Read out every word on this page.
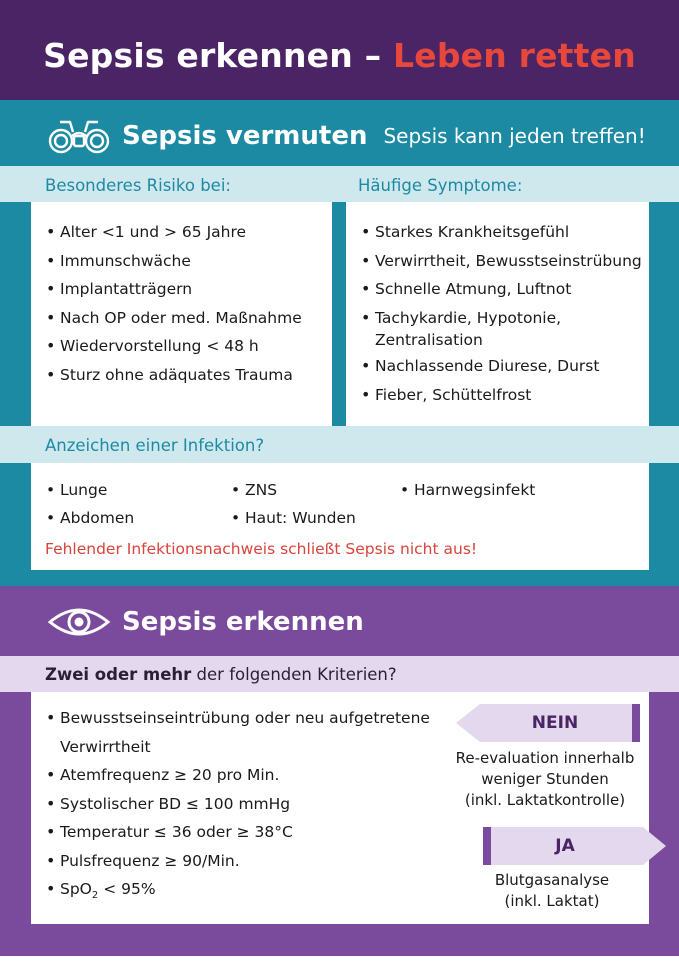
Sepsis erkennen – Leben retten
Sepsis vermuten Sepsis kann jeden treffen!
Besonderes Risiko bei:	Häufige Symptome:
• Alter <1 und > 65 Jahre
• Immunschwäche
• Implantatträgern
• Nach OP oder med. Maßnahme
• Wiedervorstellung < 48 h
• Sturz ohne adäquates Trauma
• Starkes Krankheitsgefühl
• Verwirrtheit, Bewusstseinstrübung
• Schnelle Atmung, Luftnot
• Tachykardie, Hypotonie,
Zentralisation
• Nachlassende Diurese, Durst
• Fieber, Schüttelfrost
Anzeichen einer Infektion?
• Lunge	• ZNS	• Harnwegsinfekt
• Abdomen	• Haut: Wunden
Fehlender Infektionsnachweis schließt Sepsis nicht aus!
Sepsis erkennen
Zwei oder mehr der folgenden Kriterien?
• Bewusstseinseintrübung oder neu aufgetretene
Verwirrtheit
• Atemfrequenz ≥ 20 pro Min.
• Systolischer BD ≤ 100 mmHg
• Temperatur ≤ 36 oder ≥ 38°C
• Pulsfrequenz ≥ 90/Min.
• SpO$_2$ < 95%
NEIN
Re-evaluation innerhalb
weniger Stunden
(inkl. Laktatkontrolle)
JA
Blutgasanalyse
(inkl. Laktat)
